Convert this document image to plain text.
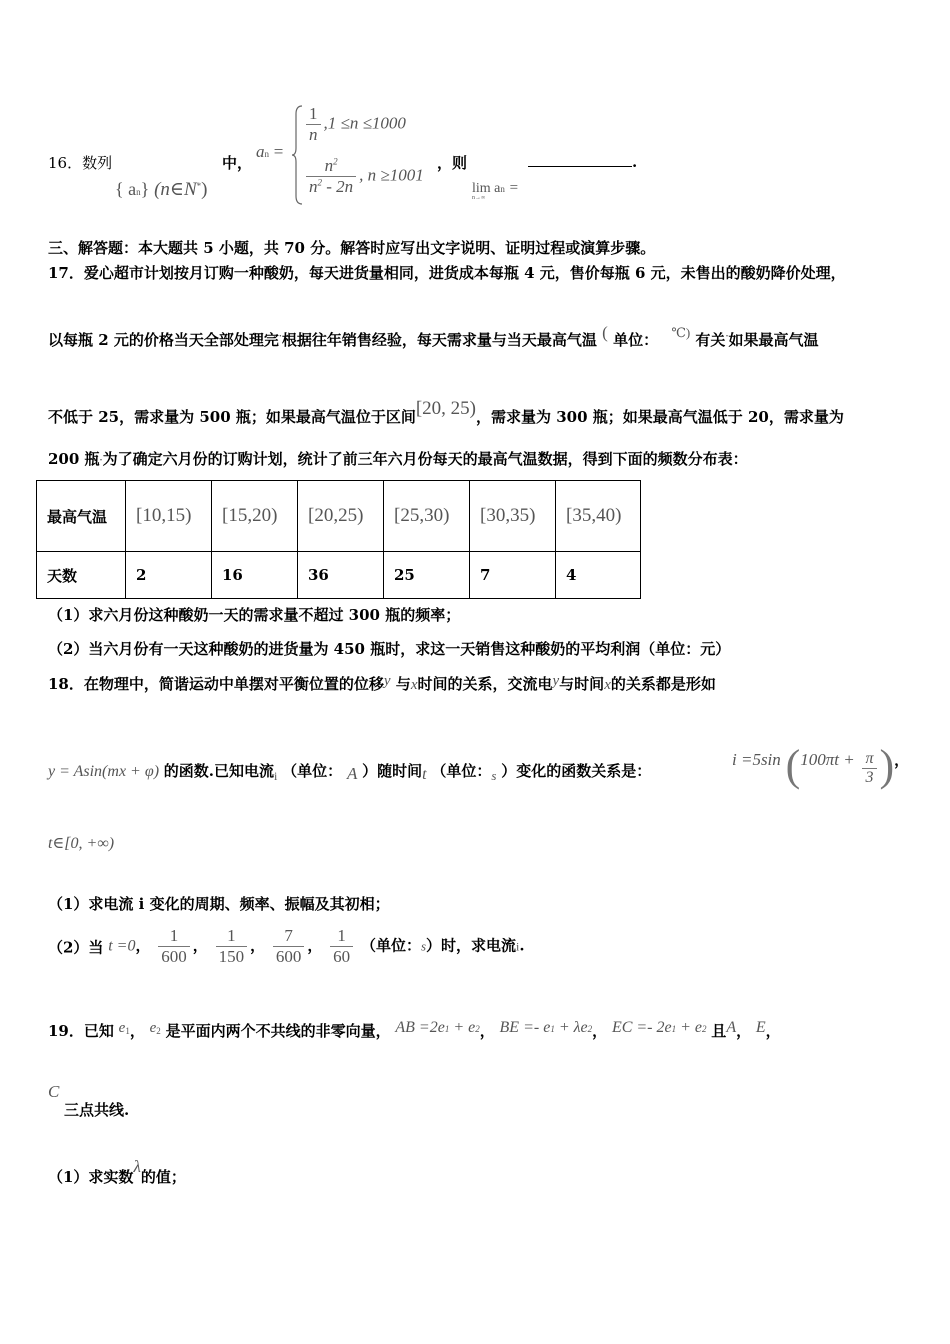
16．数列
{ an} (n∈N*)
中，
an =
$\frac{1}{n} ,1 \le n \le 1000$
$\frac{n^2}{n^2 - 2n}$ , n ≥1001
，则
lim an =
n→∞
.
三、解答题：本大题共 5 小题，共 70 分。解答时应写出文字说明、证明过程或演算步骤。
17．爱心超市计划按月订购一种酸奶，每天进货量相同，进货成本每瓶 4 元，售价每瓶 6 元，未售出的酸奶降价处理，
以每瓶 2 元的价格当天全部处理完·根据往年销售经验，每天需求量与当天最高气温 ( 单位： ℃) 有关·如果最高气温
不低于 25，需求量为 500 瓶；如果最高气温位于区间[20, 25)，需求量为 300 瓶；如果最高气温低于 20，需求量为
200 瓶·为了确定六月份的订购计划，统计了前三年六月份每天的最高气温数据，得到下面的频数分布表：
最高气温	[10,15)	[15,20)	[20,25)	[25,30)	[30,35)	[35,40)
天数	2	16	36	25	7	4
（1）求六月份这种酸奶一天的需求量不超过 300 瓶的频率；
（2）当六月份有一天这种酸奶的进货量为 450 瓶时，求这一天销售这种酸奶的平均利润（单位：元）
18．在物理中，简谐运动中单摆对平衡位置的位移y 与x时间的关系，交流电y与时间x的关系都是形如
y = Asin(mx + φ) 的函数.已知电流$_i$ （单位： A ）随时间t （单位：s ）变化的函数关系是：
i =5sin ($100\pi t + \frac{\pi}{3}$ )，
t∈[0, +∞)
（1）求电流 i 变化的周期、频率、振幅及其初相；
（2）当 t =0， $\frac{1}{600}$ ， $\frac{1}{150}$ ， $\frac{7}{600}$ ， $\frac{1}{60}$ （单位：s）时，求电流i.
19．已知 e1， e2 是平面内两个不共线的非零向量， AB =2e1 + e2， BE =- e1 + λe2， EC =- 2e1 + e2 且A， E，
C
三点共线.
（1）求实数λ的值；
